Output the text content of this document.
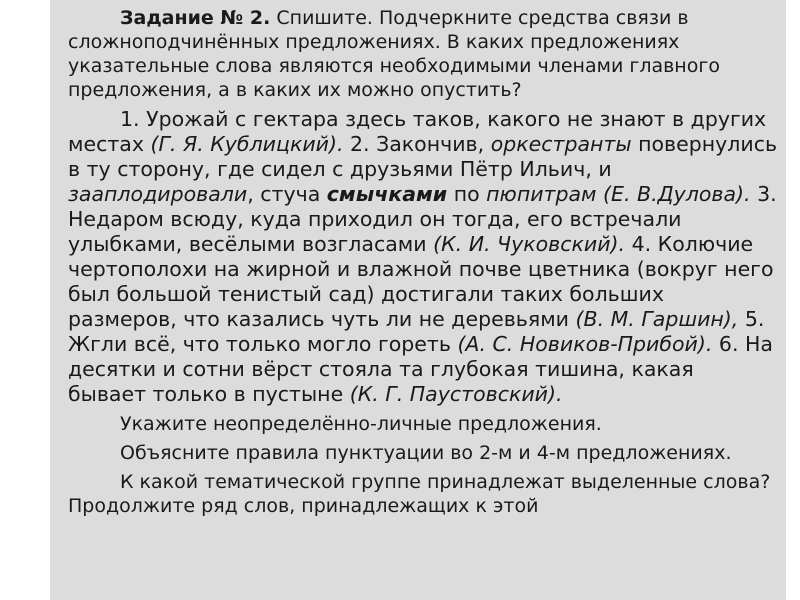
Задание № 2. Спишите. Подчеркните средства связи в сложноподчинённых предложениях. В каких предложениях указательные слова являются необходимыми членами главного предложения, а в каких их можно опустить?

1. Урожай с гектара здесь таков, какого не знают в других местах (Г. Я. Кублицкий). 2. Закончив, оркестранты повернулись в ту сторону, где сидел с друзьями Пётр Ильич, и зааплодировали, стуча смычками по пюпитрам (Е. В.Дулова). 3. Недаром всюду, куда приходил он тогда, его встречали улыбками, весёлыми возгласами (К. И. Чуковский). 4. Колючие чертополохи на жирной и влажной почве цветника (вокруг него был большой тенистый сад) достигали таких больших размеров, что казались чуть ли не деревьями (В. М. Гаршин), 5. Жгли всё, что только могло гореть (А. С. Новиков-Прибой). 6. На десятки и сотни вёрст стояла та глубокая тишина, какая бывает только в пустыне (К. Г. Паустовский).

Укажите неопределённо-личные предложения.

Объясните правила пунктуации во 2-м и 4-м предложениях.

К какой тематической группе принадлежат выделенные слова? Продолжите ряд слов, принадлежащих к этой
